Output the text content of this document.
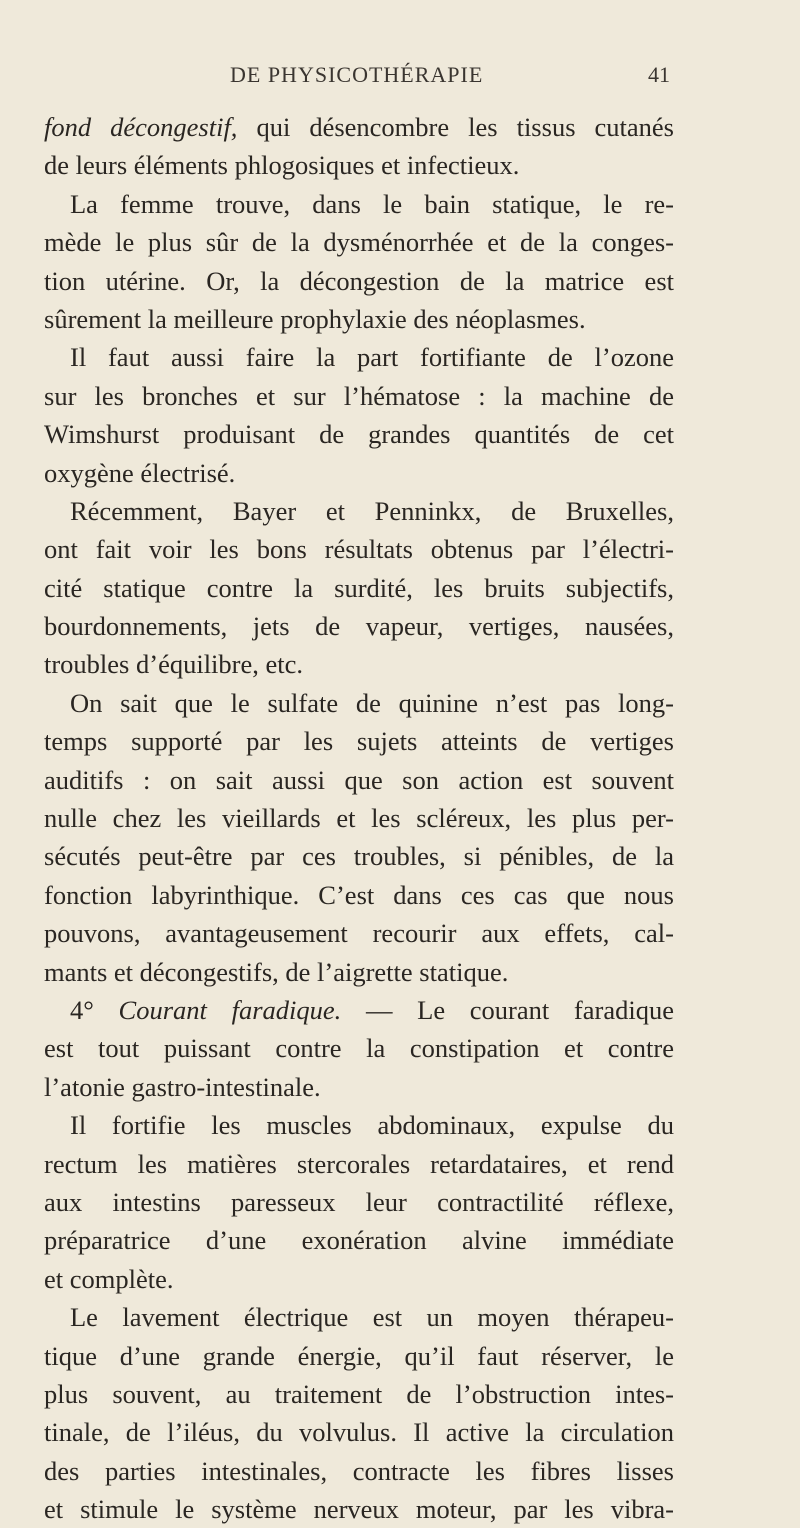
DE PHYSICOTHÉRAPIE	41
fond décongestif, qui désencombre les tissus cutanés
de leurs éléments phlogosiques et infectieux.
La femme trouve, dans le bain statique, le re-
mède le plus sûr de la dysménorrhée et de la conges-
tion utérine. Or, la décongestion de la matrice est
sûrement la meilleure prophylaxie des néoplasmes.
Il faut aussi faire la part fortifiante de l’ozone
sur les bronches et sur l’hématose : la machine de
Wimshurst produisant de grandes quantités de cet
oxygène électrisé.
Récemment, Bayer et Penninkx, de Bruxelles,
ont fait voir les bons résultats obtenus par l’électri-
cité statique contre la surdité, les bruits subjectifs,
bourdonnements, jets de vapeur, vertiges, nausées,
troubles d’équilibre, etc.
On sait que le sulfate de quinine n’est pas long-
temps supporté par les sujets atteints de vertiges
auditifs : on sait aussi que son action est souvent
nulle chez les vieillards et les scléreux, les plus per-
sécutés peut-être par ces troubles, si pénibles, de la
fonction labyrinthique. C’est dans ces cas que nous
pouvons, avantageusement recourir aux effets, cal-
mants et décongestifs, de l’aigrette statique.
4° Courant faradique. — Le courant faradique
est tout puissant contre la constipation et contre
l’atonie gastro-intestinale.
Il fortifie les muscles abdominaux, expulse du
rectum les matières stercorales retardataires, et rend
aux intestins paresseux leur contractilité réflexe,
préparatrice d’une exonération alvine immédiate
et complète.
Le lavement électrique est un moyen thérapeu-
tique d’une grande énergie, qu’il faut réserver, le
plus souvent, au traitement de l’obstruction intes-
tinale, de l’iléus, du volvulus. Il active la circulation
des parties intestinales, contracte les fibres lisses
et stimule le système nerveux moteur, par les vibra-
